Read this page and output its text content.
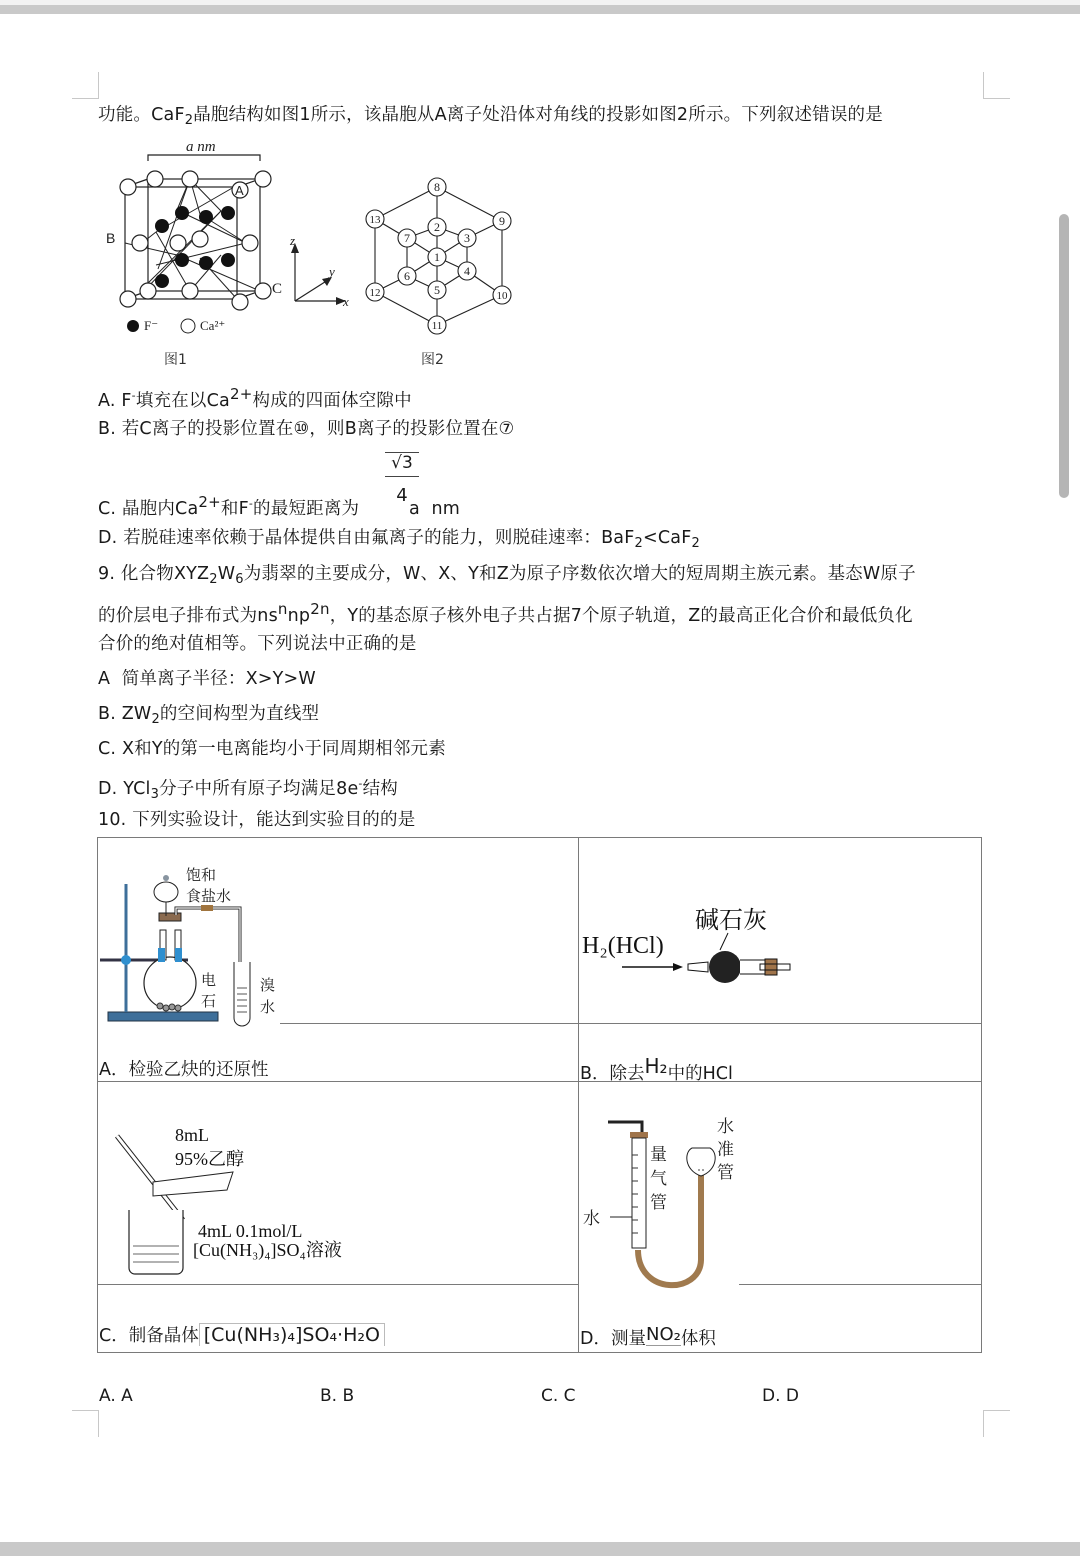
功能。CaF$_2$晶胞结构如图1所示，该晶胞从A离子处沿体对角线的投影如图2所示。下列叙述错误的是
a nm
A
B
C
z
y
x
F⁻	Ca²⁺
图1
1
2
3
4
5
6
7
8
9
10
11
12
13
图2
A. F-填充在以Ca2+构成的四面体空隙中
B. 若C离子的投影位置在⑩，则B离子的投影位置在⑦
$\frac{√3}{4}$
C. 晶胞内Ca2+和F-的最短距离为	a  nm
D. 若脱硅速率依赖于晶体提供自由氟离子的能力，则脱硅速率：BaF$_2$<CaF$_2$
9. 化合物$XYZ_2W_6$为翡翠的主要成分，W、X、Y和Z为原子序数依次增大的短周期主族元素。基态W原子
的价层电子排布式为nsnnp2n，Y的基态原子核外电子共占据7个原子轨道，Z的最高正化合价和最低负化
合价的绝对值相等。下列说法中正确的是
A  简单离子半径：X>Y>W
B. $ZW_2$的空间构型为直线型
C. X和Y的第一电离能均小于同周期相邻元素
D. YCl$_3$分子中所有原子均满足8e-结构
10. 下列实验设计，能达到实验目的的是
饱和
食盐水
电
石
溴
水
A．检验乙炔的还原性
H₂(HCl)
碱石灰
B．除去H₂中的HCl
8mL
95%乙醇
4mL 0.1mol/L
[Cu(NH₃)₄]SO₄溶液
C．制备晶体 [Cu(NH₃)₄]SO₄·H₂O
量
气
管
水
水
准
管
D．测量NO₂体积
A. A	B. B	C. C	D. D
